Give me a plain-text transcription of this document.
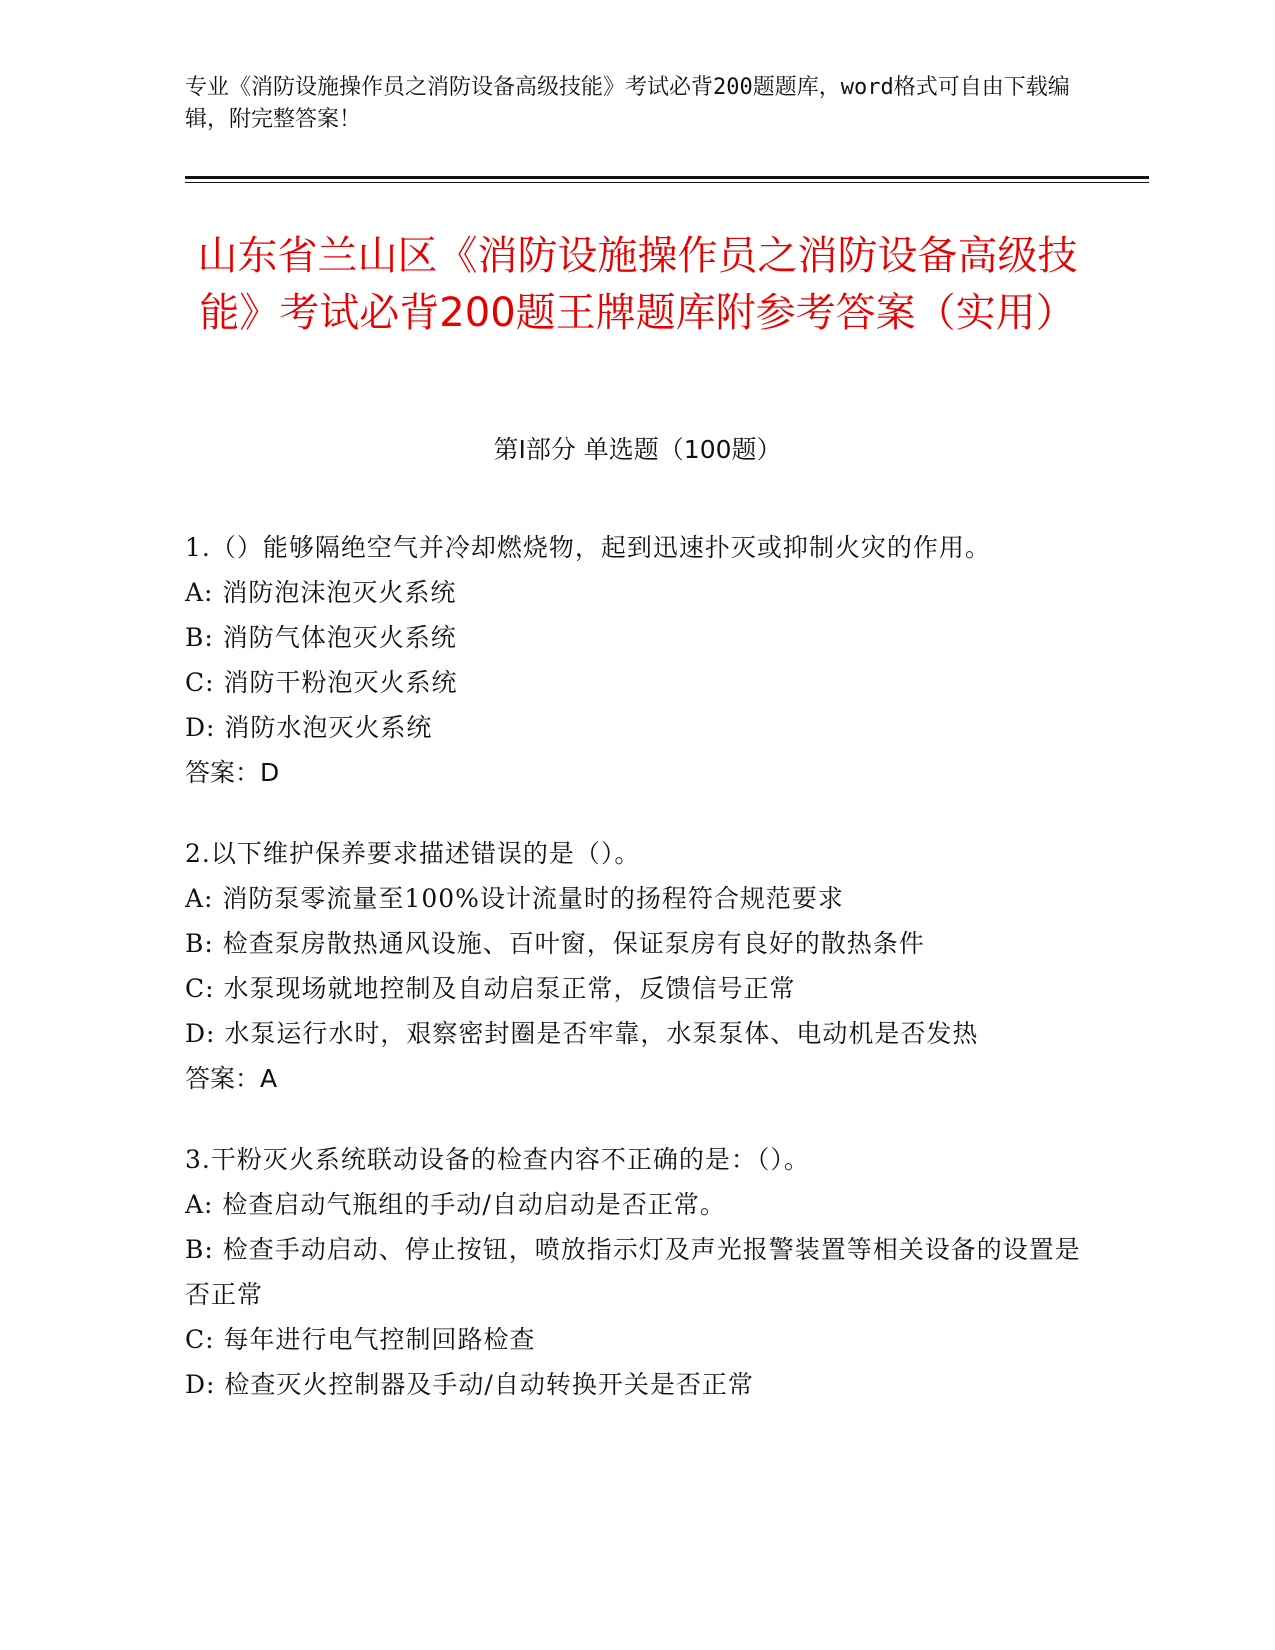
专业《消防设施操作员之消防设备高级技能》考试必背200题题库，word格式可自由下载编辑，附完整答案！
山东省兰山区《消防设施操作员之消防设备高级技能》考试必背200题王牌题库附参考答案（实用）
第I部分 单选题（100题）
1.（）能够隔绝空气并冷却燃烧物，起到迅速扑灭或抑制火灾的作用。
A: 消防泡沫泡灭火系统
B: 消防气体泡灭火系统
C: 消防干粉泡灭火系统
D: 消防水泡灭火系统
答案：D
2.以下维护保养要求描述错误的是（）。
A: 消防泵零流量至100%设计流量时的扬程符合规范要求
B: 检查泵房散热通风设施、百叶窗，保证泵房有良好的散热条件
C: 水泵现场就地控制及自动启泵正常，反馈信号正常
D: 水泵运行水时，艰察密封圈是否牢靠，水泵泵体、电动机是否发热
答案：A
3.干粉灭火系统联动设备的检查内容不正确的是：（）。
A: 检查启动气瓶组的手动/自动启动是否正常。
B: 检查手动启动、停止按钮，喷放指示灯及声光报警装置等相关设备的设置是否正常
C: 每年进行电气控制回路检查
D: 检查灭火控制器及手动/自动转换开关是否正常
